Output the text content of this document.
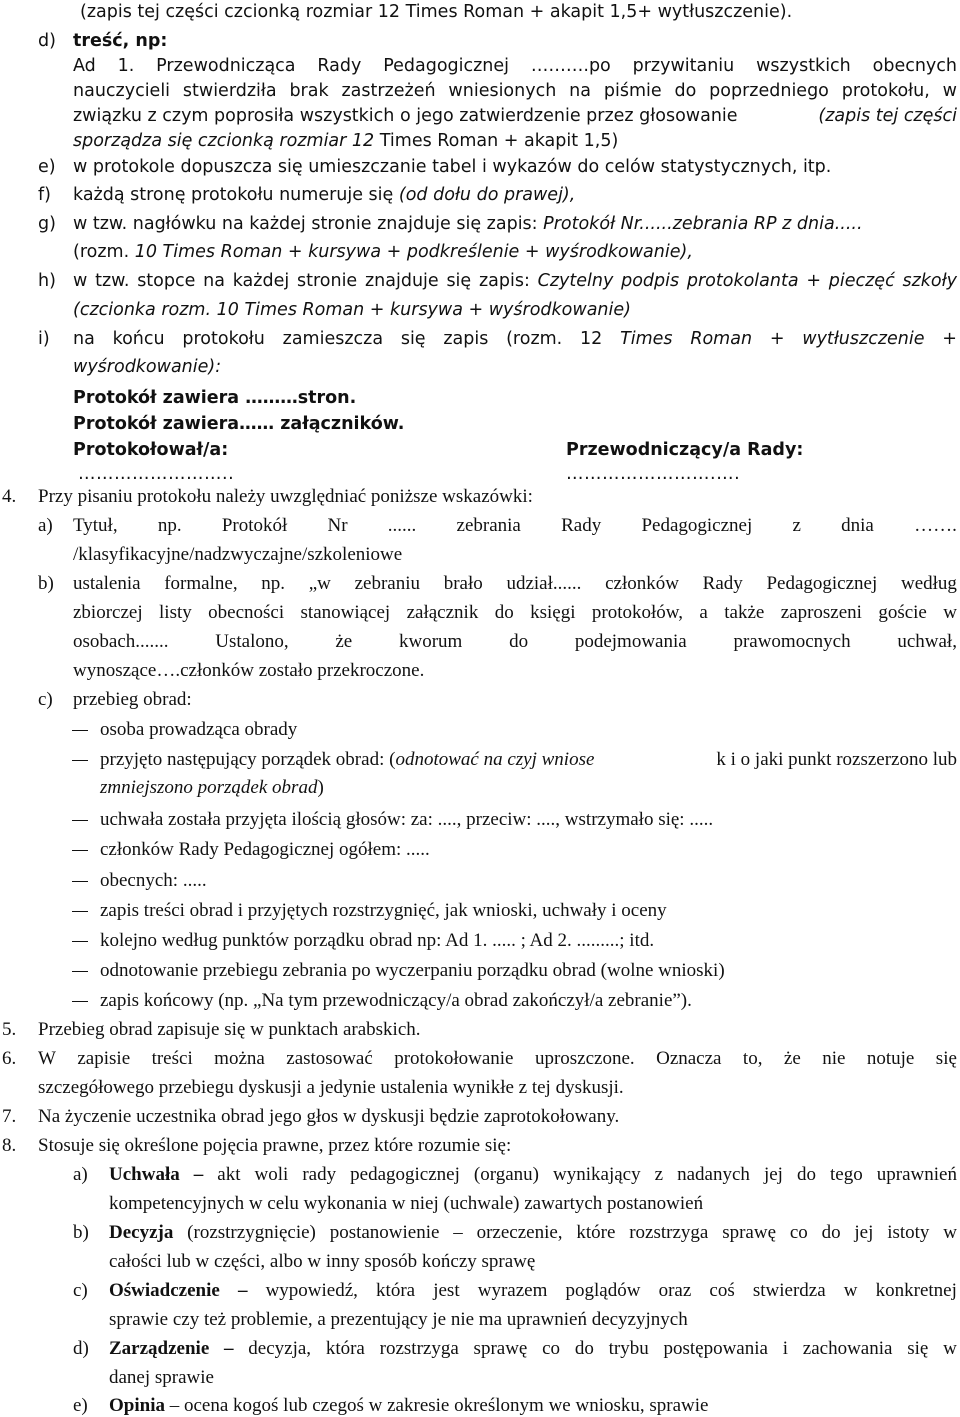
(zapis tej części czcionką rozmiar 12 Times Roman + akapit 1,5+ wytłuszczenie).
d) treść, np:
Ad 1. Przewodnicząca Rady Pedagogicznej ……….po przywitaniu wszystkich obecnych
nauczycieli stwierdziła brak zastrzeżeń wniesionych na piśmie do poprzedniego protokołu, w
związku z czym poprosiła wszystkich o jego zatwierdzenie przez głosowanie	(zapis tej części
sporządza się czcionką rozmiar 12 Times Roman + akapit 1,5)
e) w protokole dopuszcza się umieszczanie tabel i wykazów do celów statystycznych, itp.
f) każdą stronę protokołu numeruje się (od dołu do prawej),
g) w tzw. nagłówku na każdej stronie znajduje się zapis: Protokół Nr......zebrania RP z dnia.....
(rozm. 10 Times Roman + kursywa + podkreślenie + wyśrodkowanie),
h) w tzw. stopce na każdej stronie znajduje się zapis: Czytelny podpis protokolanta + pieczęć szkoły
(czcionka rozm. 10 Times Roman + kursywa + wyśrodkowanie)
i) na końcu protokołu zamieszcza się zapis (rozm. 12 Times Roman + wytłuszczenie +
wyśrodkowanie):
Protokół zawiera ………stron.
Protokół zawiera…… załączników.
Protokołował/a:	Przewodniczący/a Rady:
……………………..	…………………….….
4. Przy pisaniu protokołu należy uwzględniać poniższe wskazówki:
a) Tytuł, np. Protokół Nr ...... zebrania Rady Pedagogicznej z dnia …….
/klasyfikacyjne/nadzwyczajne/szkoleniowe
b) ustalenia formalne, np. „w zebraniu brało udział...... członków Rady Pedagogicznej według
zbiorczej listy obecności stanowiącej załącznik do księgi protokołów, a także zaproszeni goście w
osobach....... Ustalono, że kworum do podejmowania prawomocnych uchwał,
wynoszące….członków zostało przekroczone.
c) przebieg obrad:
osoba prowadząca obrady
przyjęto następujący porządek obrad: (odnotować na czyj wniose	k i o jaki punkt rozszerzono lub
zmniejszono porządek obrad)
uchwała została przyjęta ilością głosów: za: ...., przeciw: ...., wstrzymało się: .....
członków Rady Pedagogicznej ogółem: .....
obecnych: .....
zapis treści obrad i przyjętych rozstrzygnięć, jak wnioski, uchwały i oceny
kolejno według punktów porządku obrad np: Ad 1. ..... ; Ad 2. .........; itd.
odnotowanie przebiegu zebrania po wyczerpaniu porządku obrad (wolne wnioski)
zapis końcowy (np. „Na tym przewodniczący/a obrad zakończył/a zebranie”).
5. Przebieg obrad zapisuje się w punktach arabskich.
6. W zapisie treści można zastosować protokołowanie uproszczone. Oznacza to, że nie notuje się
szczegółowego przebiegu dyskusji a jedynie ustalenia wynikłe z tej dyskusji.
7. Na życzenie uczestnika obrad jego głos w dyskusji będzie zaprotokołowany.
8. Stosuje się określone pojęcia prawne, przez które rozumie się:
a) Uchwała – akt woli rady pedagogicznej (organu) wynikający z nadanych jej do tego uprawnień
kompetencyjnych w celu wykonania w niej (uchwale) zawartych postanowień
b) Decyzja (rozstrzygnięcie) postanowienie – orzeczenie, które rozstrzyga sprawę co do jej istoty w
całości lub w części, albo w inny sposób kończy sprawę
c) Oświadczenie – wypowiedź, która jest wyrazem poglądów oraz coś stwierdza w konkretnej
sprawie czy też problemie, a prezentujący je nie ma uprawnień decyzyjnych
d) Zarządzenie – decyzja, która rozstrzyga sprawę co do trybu postępowania i zachowania się w
danej sprawie
e) Opinia – ocena kogoś lub czegoś w zakresie określonym we wniosku, sprawie
